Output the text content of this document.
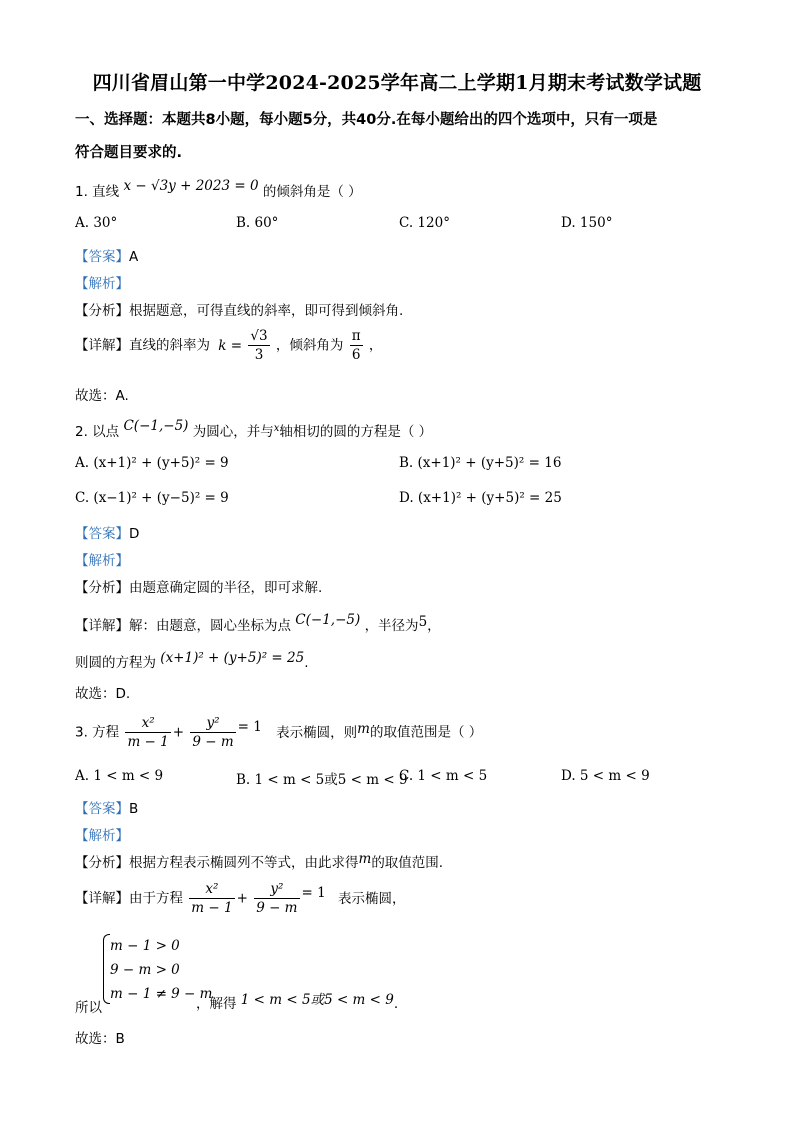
四川省眉山第一中学2024-2025学年高二上学期1月期末考试数学试题
一、选择题：本题共8小题，每小题5分，共40分.在每小题给出的四个选项中，只有一项是
符合题目要求的.
1. 直线 x − √3y + 2023 = 0 的倾斜角是（ ）
A. 30°	B. 60°	C. 120°	D. 150°
【答案】A
【解析】
【分析】根据题意，可得直线的斜率，即可得到倾斜角.
【详解】直线的斜率为 $k = \frac{√3}{3}$ ，倾斜角为 $\frac{\pi}{6}$ ，
故选：A.
2. 以点 C(−1,−5) 为圆心，并与$^x$轴相切的圆的方程是（ ）
A. (x+1)² + (y+5)² = 9	B. (x+1)² + (y+5)² = 16
C. (x−1)² + (y−5)² = 9	D. (x+1)² + (y+5)² = 25
【答案】D
【解析】
【分析】由题意确定圆的半径，即可求解.
【详解】解：由题意，圆心坐标为点 C(−1,−5) ，半径为5，
则圆的方程为 (x+1)² + (y+5)² = 25.
故选：D.
3. 方程 $\frac{\text{x²}}{m - 1} + \frac{\text{y²}}{9 - m} = 1$ 表示椭圆，则m的取值范围是（ ）
A. 1 < m < 9	B. 1 < m < 5或5 < m < 9
C. 1 < m < 5	D. 5 < m < 9
【答案】B
【解析】
【分析】根据方程表示椭圆列不等式，由此求得m的取值范围.
【详解】由于方程 $\frac{\text{x²}}{m - 1} + \frac{\text{y²}}{9 - m} = 1$ 表示椭圆，
m − 1 > 0
9 − m > 0
m − 1 ≠ 9 − m
所以	，解得 1 < m < 5或5 < m < 9.
故选：B
